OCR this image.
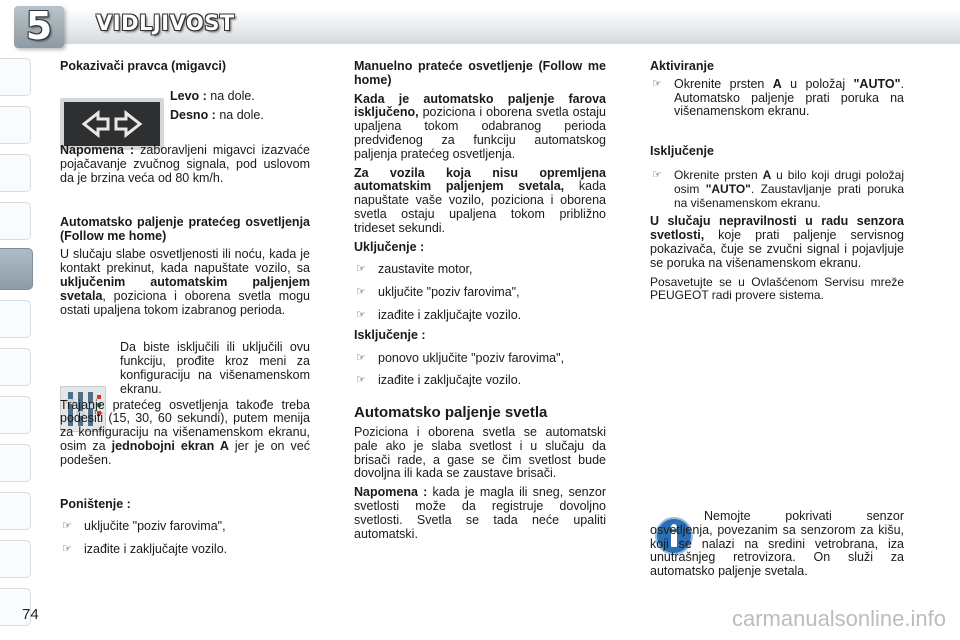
5	VIDLJIVOST

Pokazivači pravca (migavci)

Levo : na dole.

Desno : na dole.

Napomena : zaboravljeni migavci izazvaće pojačavanje zvučnog signala, pod uslovom da je brzina veća od 80 km/h.

Automatsko paljenje pratećeg osvetljenja (Follow me home)

U slučaju slabe osvetljenosti ili noću, kada je kontakt prekinut, kada napuštate vozilo, sa uključenim automatskim paljenjem svetala, poziciona i oborena svetla mogu ostati upaljena tokom izabranog perioda.

Da biste isključili ili uključili ovu funkciju, prođite kroz meni za konfiguraciju na višenamenskom ekranu.

Trajanje pratećeg osvetljenja takođe treba podesiti (15, 30, 60 sekundi), putem menija za konfiguraciju na višenamenskom ekranu, osim za jednobojni ekran A jer je on već podešen.

Poništenje :

☞ uključite "poziv farovima",
☞ izađite i zaključajte vozilo.

Manuelno prateće osvetljenje (Follow me home)

Kada je automatsko paljenje farova isključeno, poziciona i oborena svetla ostaju upaljena tokom odabranog perioda predviđenog za funkciju automatskog paljenja pratećeg osvetljenja.

Za vozila koja nisu opremljena automatskim paljenjem svetala, kada napuštate vaše vozilo, poziciona i oborena svetla ostaju upaljena tokom približno trideset sekundi.

Uključenje :

☞ zaustavite motor,
☞ uključite "poziv farovima",
☞ izađite i zaključajte vozilo.

Isključenje :

☞ ponovo uključite "poziv farovima",
☞ izađite i zaključajte vozilo.

Automatsko paljenje svetla

Poziciona i oborena svetla se automatski pale ako je slaba svetlost i u slučaju da brisači rade, a gase se čim svetlost bude dovoljna ili kada se zaustave brisači.

Napomena : kada je magla ili sneg, senzor svetlosti može da registruje dovoljno svetlosti. Svetla se tada neće upaliti automatski.

Aktiviranje

☞ Okrenite prsten A u položaj "AUTO". Automatsko paljenje prati poruka na višenamenskom ekranu.

Isključenje

☞	Okrenite prsten A u bilo koji drugi položaj osim "AUTO". Zaustavljanje prati poruka na višenamenskom ekranu.

U slučaju nepravilnosti u radu senzora svetlosti, koje prati paljenje servisnog pokazivača, čuje se zvučni signal i pojavljuje se poruka na višenamenskom ekranu.

Posavetujte se u Ovlašćenom Servisu mreže PEUGEOT radi provere sistema.

Nemojte pokrivati senzor osvetljenja, povezanim sa senzorom za kišu, koji se nalazi na sredini vetrobrana, iza unutrašnjeg retrovizora. On služi za automatsko paljenje svetala.

74	carmanualsonline.info
